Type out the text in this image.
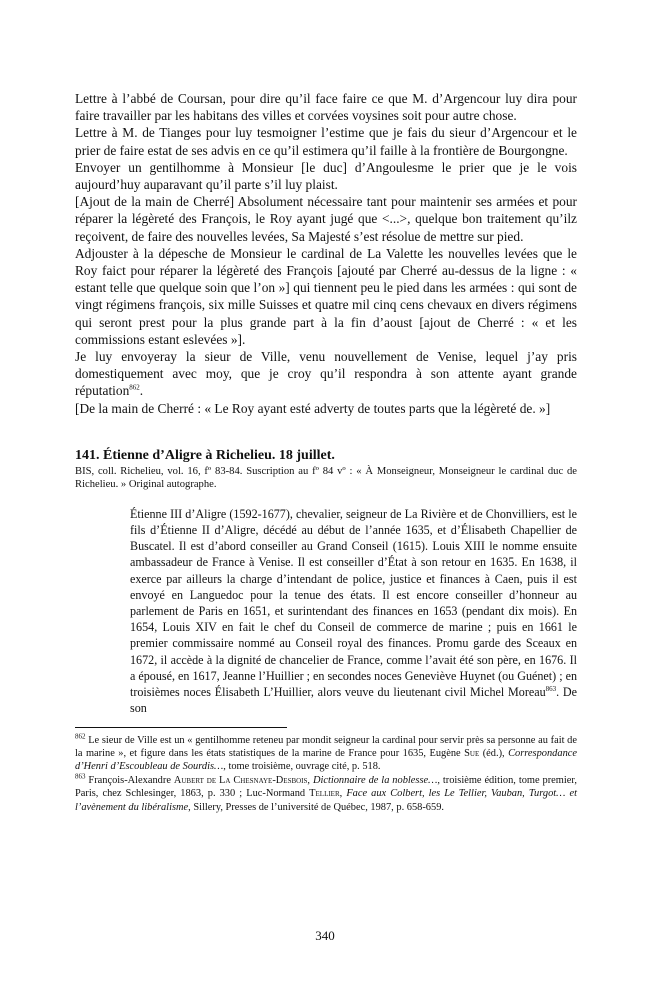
Lettre à l’abbé de Coursan, pour dire qu’il face faire ce que M. d’Argencour luy dira pour faire travailler par les habitans des villes et corvées voysines soit pour autre chose.

Lettre à M. de Tianges pour luy tesmoigner l’estime que je fais du sieur d’Argencour et le prier de faire estat de ses advis en ce qu’il estimera qu’il faille à la frontière de Bourgongne.

Envoyer un gentilhomme à Monsieur [le duc] d’Angoulesme le prier que je le vois aujourd’huy auparavant qu’il parte s’il luy plaist.

[Ajout de la main de Cherré] Absolument nécessaire tant pour maintenir ses armées et pour réparer la légèreté des François, le Roy ayant jugé que <...>, quelque bon traitement qu’ilz reçoivent, de faire des nouvelles levées, Sa Majesté s’est résolue de mettre sur pied.

Adjouster à la dépesche de Monsieur le cardinal de La Valette les nouvelles levées que le Roy faict pour réparer la légèreté des François [ajouté par Cherré au-dessus de la ligne : « estant telle que quelque soin que l’on »] qui tiennent peu le pied dans les armées : qui sont de vingt régimens françois, six mille Suisses et quatre mil cinq cens chevaux en divers régimens qui seront prest pour la plus grande part à la fin d’aoust [ajout de Cherré : « et les commissions estant eslevées »].

Je luy envoyeray la sieur de Ville, venu nouvellement de Venise, lequel j’ay pris domestiquement avec moy, que je croy qu’il respondra à son attente ayant grande réputation$^{862}$.

[De la main de Cherré : « Le Roy ayant esté adverty de toutes parts que la légèreté de. »]

141. Étienne d’Aligre à Richelieu. 18 juillet.

BIS, coll. Richelieu, vol. 16, fº 83-84. Suscription au fº 84 vº : « À Monseigneur, Monseigneur le cardinal duc de Richelieu. » Original autographe.

Étienne III d’Aligre (1592-1677), chevalier, seigneur de La Rivière et de Chonvilliers, est le fils d’Étienne II d’Aligre, décédé au début de l’année 1635, et d’Élisabeth Chapellier de Buscatel. Il est d’abord conseiller au Grand Conseil (1615). Louis XIII le nomme ensuite ambassadeur de France à Venise. Il est conseiller d’État à son retour en 1635. En 1638, il exerce par ailleurs la charge d’intendant de police, justice et finances à Caen, puis il est envoyé en Languedoc pour la tenue des états. Il est encore conseiller d’honneur au parlement de Paris en 1651, et surintendant des finances en 1653 (pendant dix mois). En 1654, Louis XIV en fait le chef du Conseil de commerce de marine ; puis en 1661 le premier commissaire nommé au Conseil royal des finances. Promu garde des Sceaux en 1672, il accède à la dignité de chancelier de France, comme l’avait été son père, en 1676. Il a épousé, en 1617, Jeanne l’Huillier ; en secondes noces Geneviève Huynet (ou Guénet) ; en troisièmes noces Élisabeth L’Huillier, alors veuve du lieutenant civil Michel Moreau$^{863}$. De son

$^{862}$ Le sieur de Ville est un « gentilhomme reteneu par mondit seigneur la cardinal pour servir près sa personne au fait de la marine », et figure dans les états statistiques de la marine de France pour 1635, Eugène Sue (éd.), Correspondance d’Henri d’Escoubleau de Sourdis…, tome troisième, ouvrage cité, p. 518.

$^{863}$ François-Alexandre Aubert de La Chesnaye-Desbois, Dictionnaire de la noblesse…, troisième édition, tome premier, Paris, chez Schlesinger, 1863, p. 330 ; Luc-Normand Tellier, Face aux Colbert, les Le Tellier, Vauban, Turgot… et l’avènement du libéralisme, Sillery, Presses de l’université de Québec, 1987, p. 658-659.

340
